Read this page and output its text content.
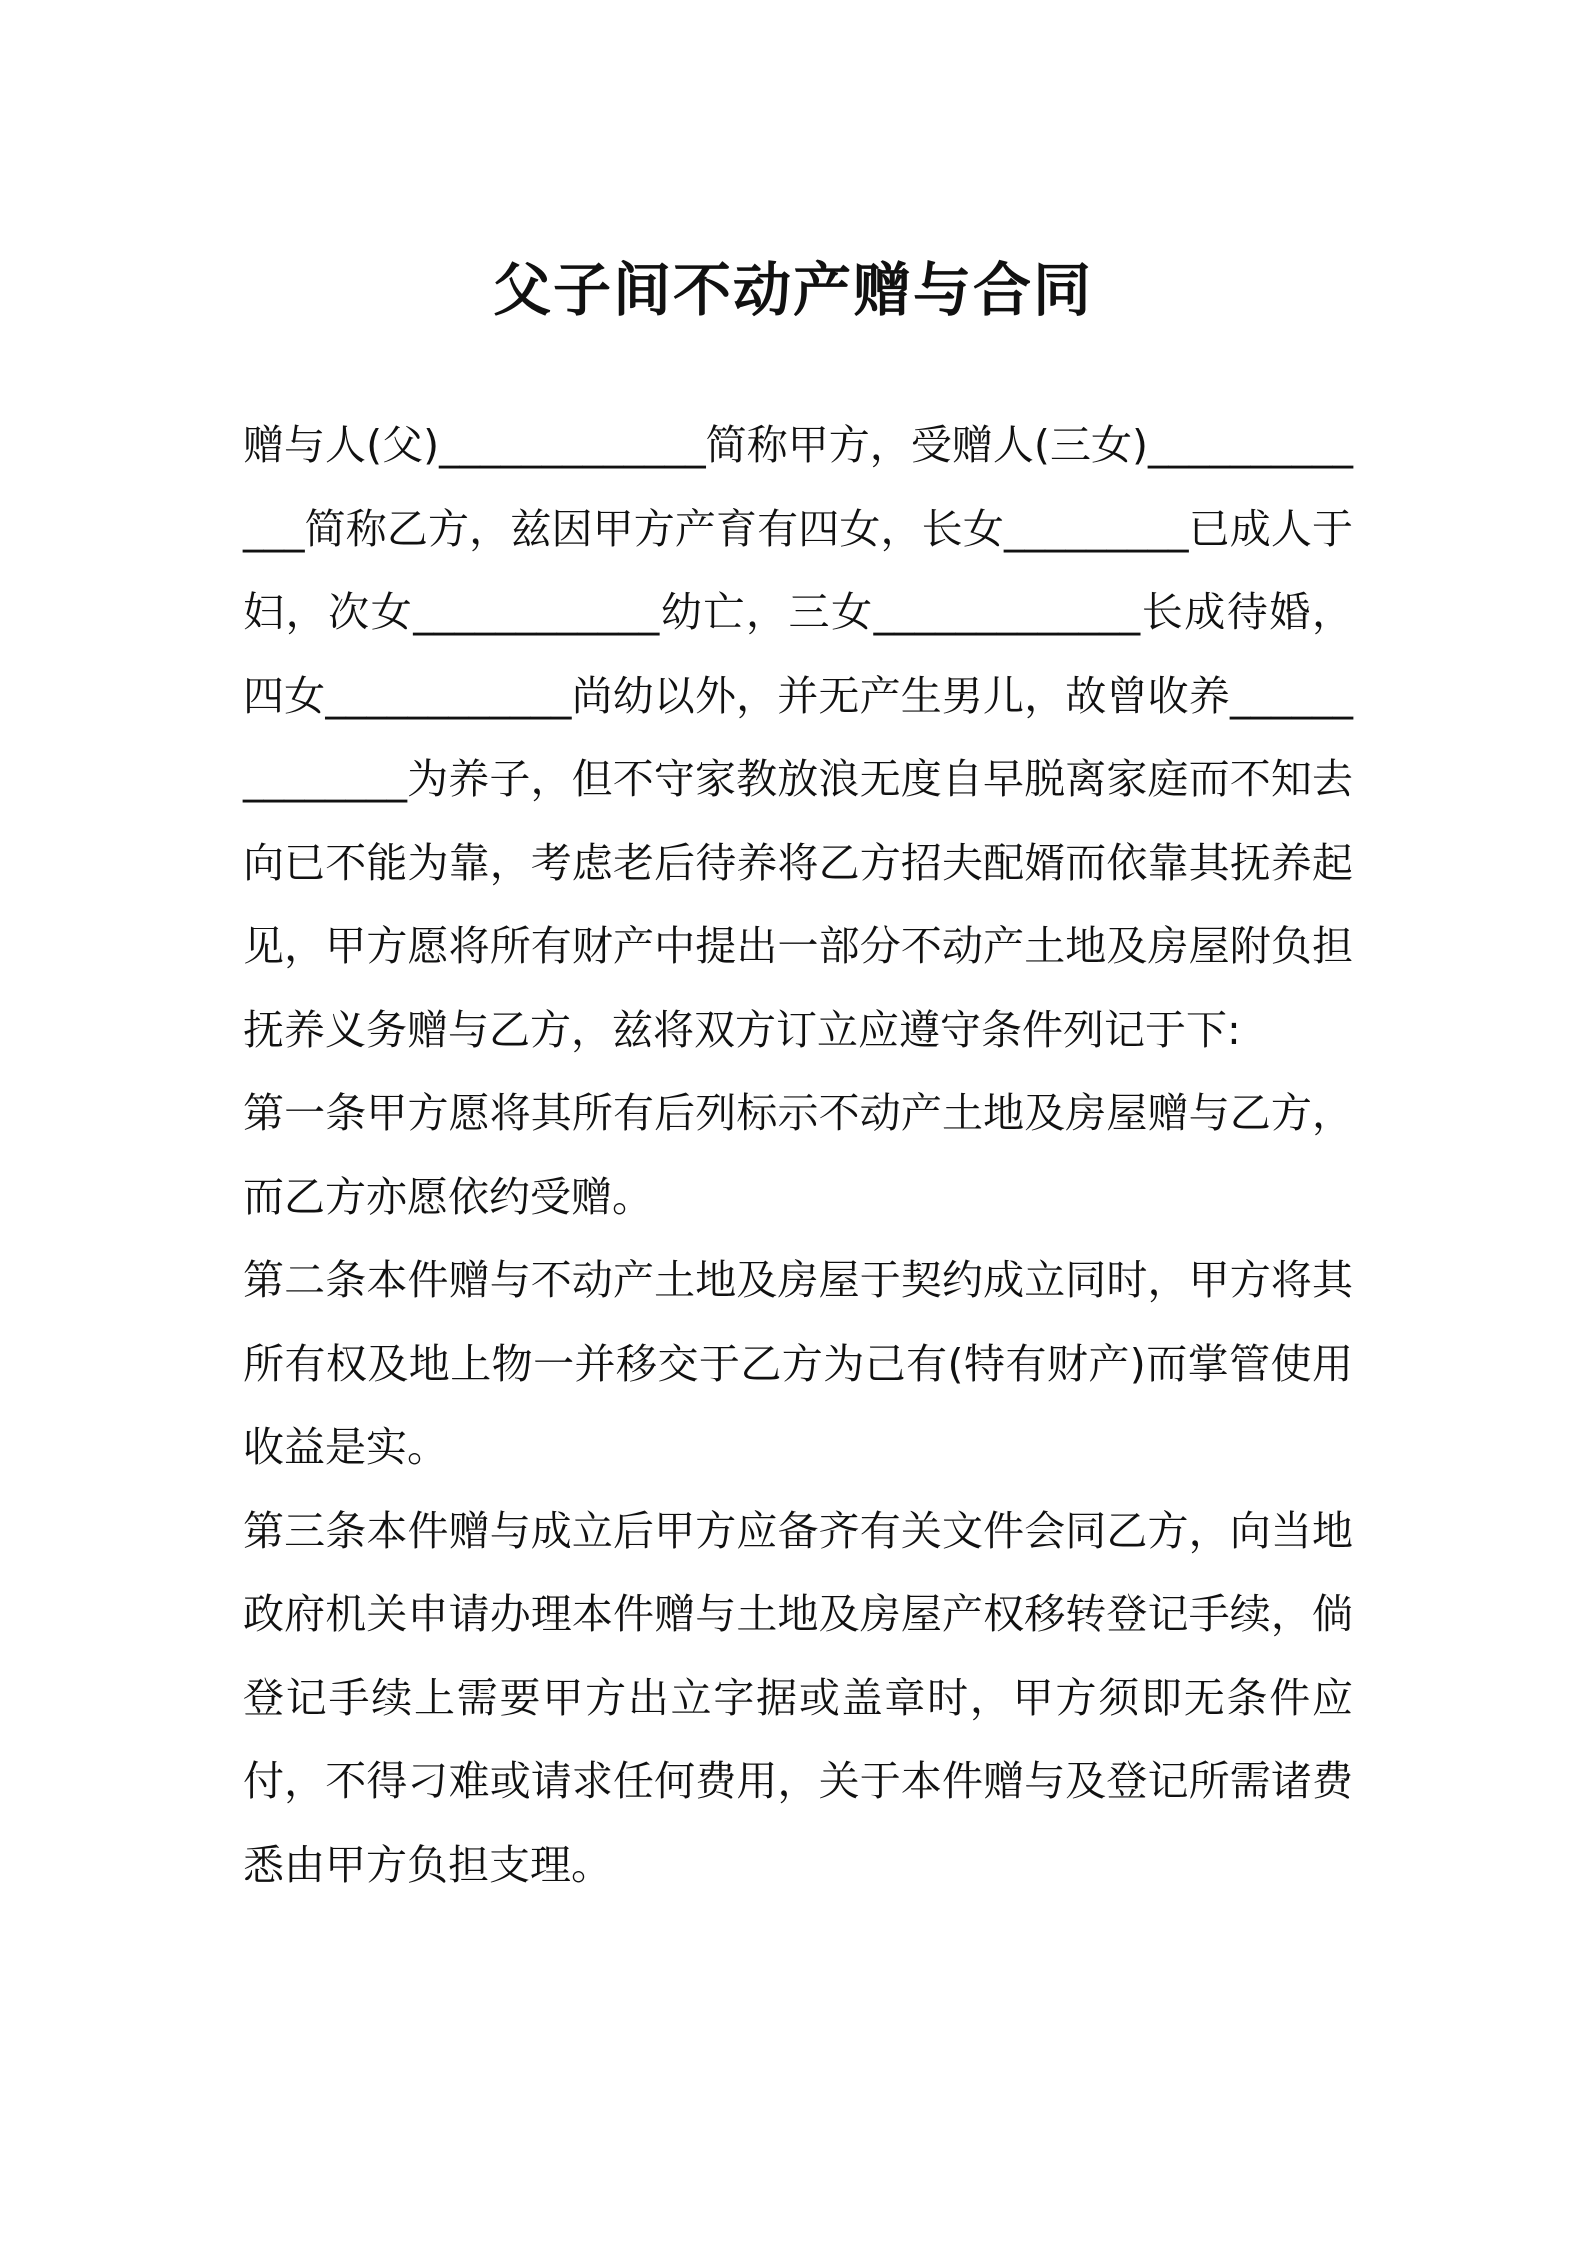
父子间不动产赠与合同

赠与人(父)_____________简称甲方，受赠人(三女)_____________简称乙方，兹因甲方产育有四女，长女_________已成人于妇，次女____________幼亡，三女_____________长成待婚，四女____________尚幼以外，并无产生男儿，故曾收养______________为养子，但不守家教放浪无度自早脱离家庭而不知去向已不能为靠，考虑老后待养将乙方招夫配婿而依靠其抚养起见，甲方愿将所有财产中提出一部分不动产土地及房屋附负担抚养义务赠与乙方，兹将双方订立应遵守条件列记于下:

第一条甲方愿将其所有后列标示不动产土地及房屋赠与乙方，而乙方亦愿依约受赠。

第二条本件赠与不动产土地及房屋于契约成立同时，甲方将其所有权及地上物一并移交于乙方为己有(特有财产)而掌管使用收益是实。

第三条本件赠与成立后甲方应备齐有关文件会同乙方，向当地政府机关申请办理本件赠与土地及房屋产权移转登记手续，倘登记手续上需要甲方出立字据或盖章时，甲方须即无条件应付，不得刁难或请求任何费用，关于本件赠与及登记所需诸费悉由甲方负担支理。
